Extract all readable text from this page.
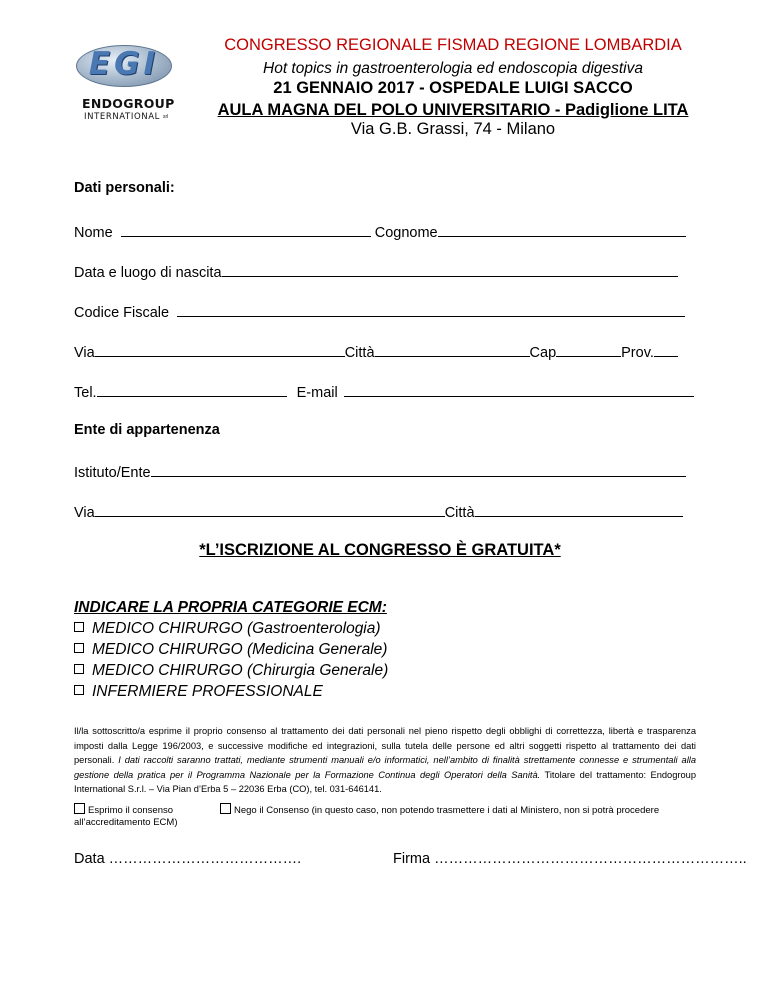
EGI
ENDOGROUP
INTERNATIONAL srl
CONGRESSO REGIONALE FISMAD REGIONE LOMBARDIA
Hot topics in gastroenterologia ed endoscopia digestiva
21 GENNAIO 2017 - OSPEDALE LUIGI SACCO
AULA MAGNA DEL POLO UNIVERSITARIO - Padiglione LITA
Via G.B. Grassi, 74 - Milano
Dati personali:
Nome	Cognome
Data e luogo di nascita
Codice Fiscale
Via	Città	Cap	Prov.
Tel.	E-mail
Ente di appartenenza
Istituto/Ente
Via	Città
*L’ISCRIZIONE AL CONGRESSO È GRATUITA*
INDICARE LA PROPRIA CATEGORIE ECM:
MEDICO CHIRURGO (Gastroenterologia)
MEDICO CHIRURGO (Medicina Generale)
MEDICO CHIRURGO (Chirurgia Generale)
INFERMIERE PROFESSIONALE
Il/la sottoscritto/a esprime il proprio consenso al trattamento dei dati personali nel pieno rispetto degli obblighi di correttezza, libertà e trasparenza imposti dalla Legge 196/2003, e successive modifiche ed integrazioni, sulla tutela delle persone ed altri soggetti rispetto al trattamento dei dati personali. I dati raccolti saranno trattati, mediante strumenti manuali e/o informatici, nell’ambito di finalità strettamente connesse e strumentali alla gestione della pratica per il Programma Nazionale per la Formazione Continua degli Operatori della Sanità. Titolare del trattamento: Endogroup International S.r.l. – Via Pian d’Erba 5 – 22036 Erba (CO), tel. 031-646141.
Esprimo il consenso
all’accreditamento ECM)
Nego il Consenso (in questo caso, non potendo trasmettere i dati al Ministero, non si potrà procedere
Data ………………………………….	Firma ………………………………………………………..
